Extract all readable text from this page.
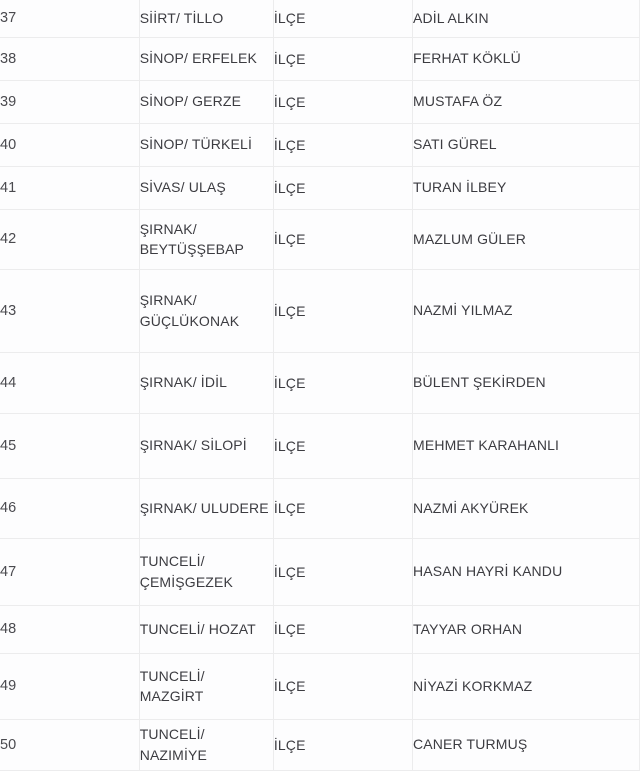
37	SİİRT/ TİLLO	İLÇE	ADİL ALKIN
38	SİNOP/ ERFELEK	İLÇE	FERHAT KÖKLÜ
39	SİNOP/ GERZE	İLÇE	MUSTAFA ÖZ
40	SİNOP/ TÜRKELİ	İLÇE	SATI GÜREL
41	SİVAS/ ULAŞ	İLÇE	TURAN İLBEY
42	ŞIRNAK/
BEYTÜŞŞEBAP	İLÇE	MAZLUM GÜLER
43	ŞIRNAK/
GÜÇLÜKONAK	İLÇE	NAZMİ YILMAZ
44	ŞIRNAK/ İDİL	İLÇE	BÜLENT ŞEKİRDEN
45	ŞIRNAK/ SİLOPİ	İLÇE	MEHMET KARAHANLI
46	ŞIRNAK/ ULUDERE	İLÇE	NAZMİ AKYÜREK
47	TUNCELİ/
ÇEMİŞGEZEK	İLÇE	HASAN HAYRİ KANDU
48	TUNCELİ/ HOZAT	İLÇE	TAYYAR ORHAN
49	TUNCELİ/
MAZGİRT	İLÇE	NİYAZİ KORKMAZ
50	TUNCELİ/
NAZIMİYE	İLÇE	CANER TURMUŞ
